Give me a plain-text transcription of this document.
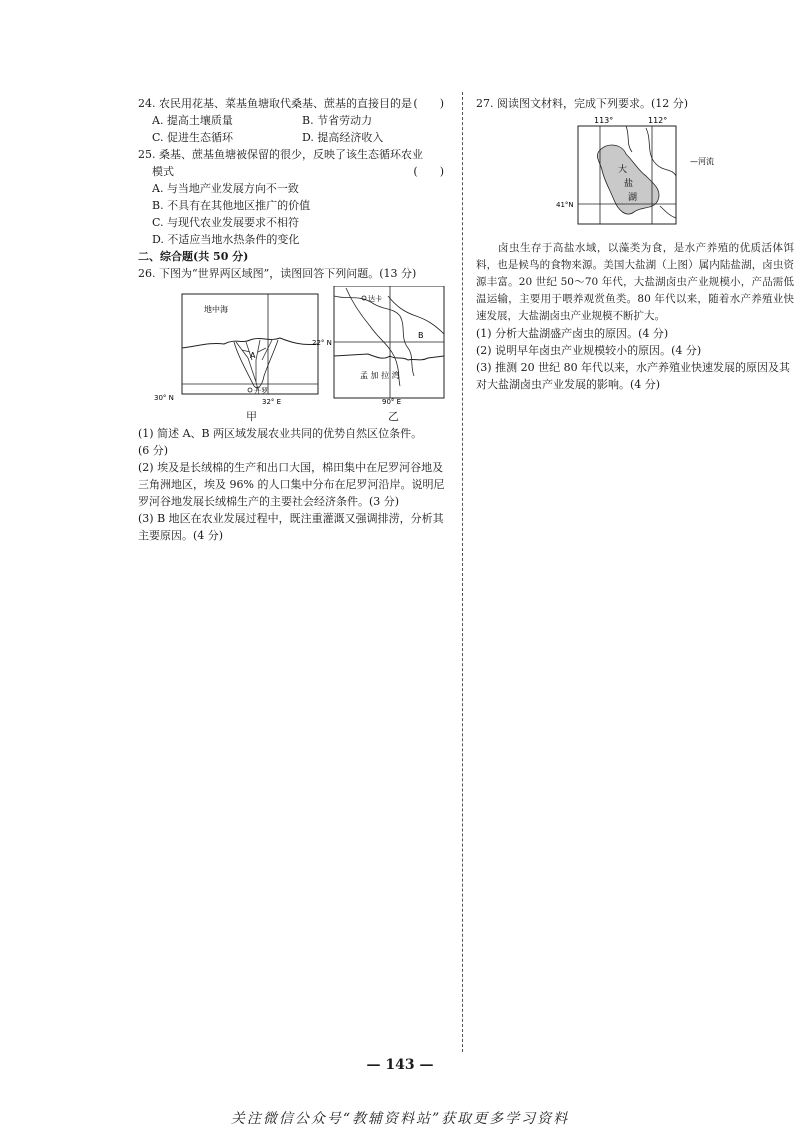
24. 农民用花基、菜基鱼塘取代桑基、蔗基的直接目的是 (　　)
A. 提高土壤质量	B. 节省劳动力
C. 促进生态循环	D. 提高经济收入
25. 桑基、蔗基鱼塘被保留的很少，反映了该生态循环农业
模式	(　　)
A. 与当地产业发展方向不一致
B. 不具有在其他地区推广的价值
C. 与现代农业发展要求不相符
D. 不适应当地水热条件的变化
二、综合题(共 50 分)
26. 下图为“世界两区域图”，读图回答下列问题。(13 分)
地中海
A
开罗
30° N	32° E
达卡
B
22° N
孟 加 拉 湾
90° E
甲	乙
(1) 简述 A、B 两区域发展农业共同的优势自然区位条件。
(6 分)
(2) 埃及是长绒棉的生产和出口大国，棉田集中在尼罗河谷地及三角洲地区，埃及 96% 的人口集中分布在尼罗河沿岸。说明尼罗河谷地发展长绒棉生产的主要社会经济条件。(3 分)
(3) B 地区在农业发展过程中，既注重灌溉又强调排涝，分析其主要原因。(4 分)
27. 阅读图文材料，完成下列要求。(12 分)
113°	112°
大
盐
湖
—河流
41°N
卤虫生存于高盐水域，以藻类为食，是水产养殖的优质活体饵料，也是候鸟的食物来源。美国大盐湖（上图）属内陆盐湖，卤虫资源丰富。20 世纪 50～70 年代，大盐湖卤虫产业规模小，产品需低温运输，主要用于喂养观赏鱼类。80 年代以来，随着水产养殖业快速发展，大盐湖卤虫产业规模不断扩大。
(1) 分析大盐湖盛产卤虫的原因。(4 分)
(2) 说明早年卤虫产业规模较小的原因。(4 分)
(3) 推测 20 世纪 80 年代以来，水产养殖业快速发展的原因及其对大盐湖卤虫产业发展的影响。(4 分)
— 143 —
关注微信公众号“教辅资料站”获取更多学习资料
